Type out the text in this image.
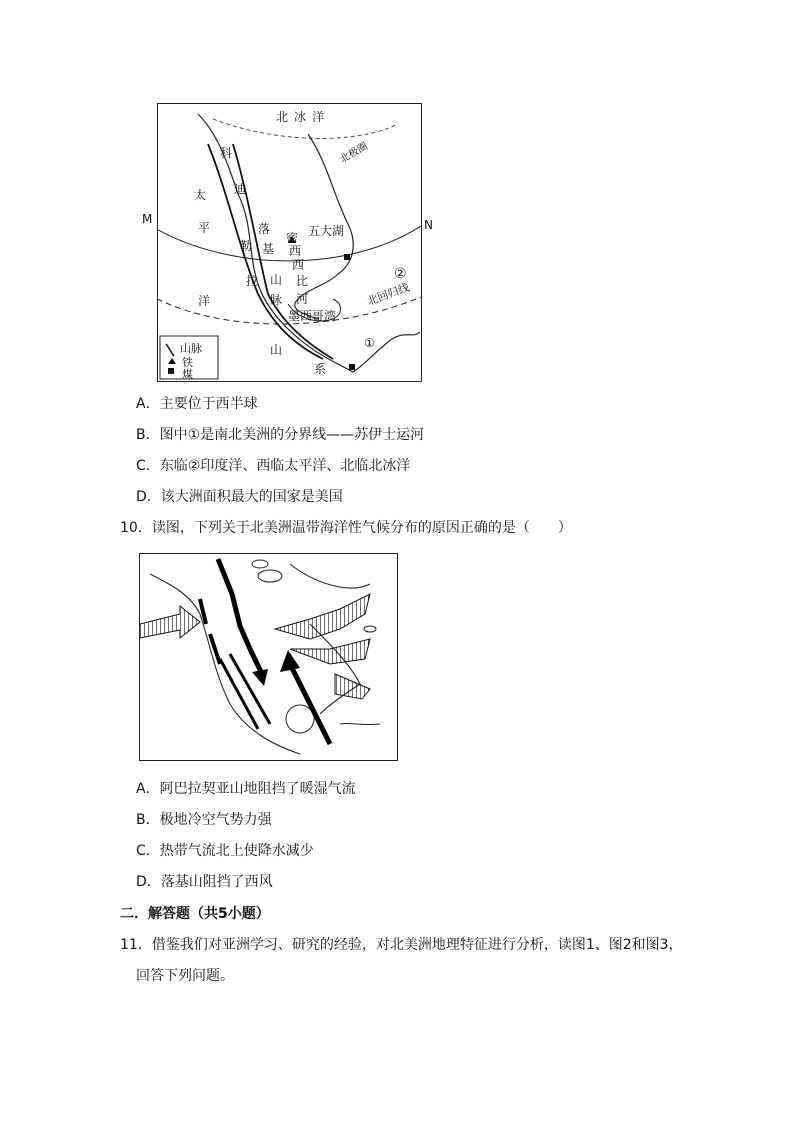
北冰洋
太
平
洋
科
迪
勒
拉
落
基
山
脉
密
西
西
比
河
山
系
五大湖
墨西哥湾
北回归线
北极圈
①
②
山脉
铁
煤
M	N
A．主要位于西半球
B．图中①是南北美洲的分界线——苏伊士运河
C．东临②印度洋、西临太平洋、北临北冰洋
D．该大洲面积最大的国家是美国
10．读图，下列关于北美洲温带海洋性气候分布的原因正确的是（　　）
A．阿巴拉契亚山地阻挡了暖湿气流
B．极地冷空气势力强
C．热带气流北上使降水减少
D．落基山阻挡了西风
二．解答题（共5小题）
11．借鉴我们对亚洲学习、研究的经验，对北美洲地理特征进行分析，读图1、图2和图3，
回答下列问题。
